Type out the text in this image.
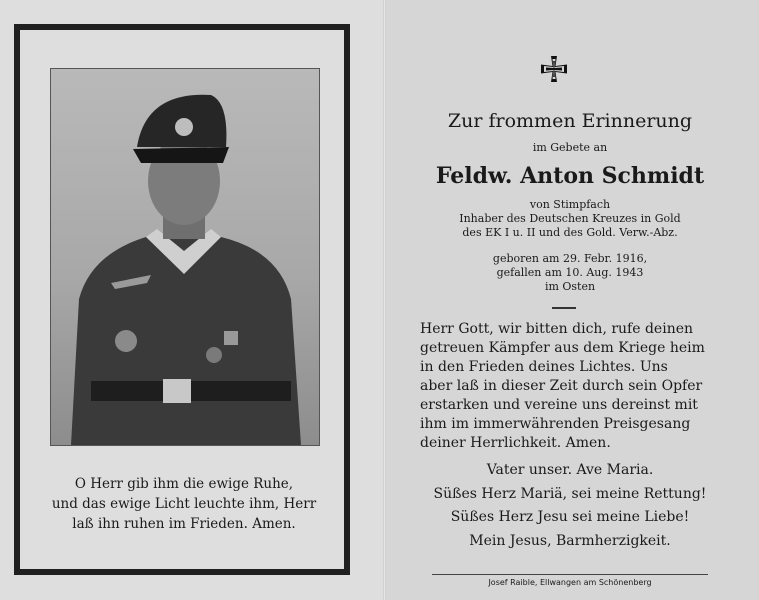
O Herr gib ihm die ewige Ruhe,
und das ewige Licht leuchte ihm, Herr
laß ihn ruhen im Frieden. Amen.
Zur frommen Erinnerung
im Gebete an
Feldw. Anton Schmidt
von Stimpfach
Inhaber des Deutschen Kreuzes in Gold
des EK I u. II und des Gold. Verw.-Abz.
geboren am 29. Febr. 1916,
gefallen am 10. Aug. 1943
im Osten
Herr Gott, wir bitten dich, rufe deinen
getreuen Kämpfer aus dem Kriege heim
in den Frieden deines Lichtes. Uns
aber laß in dieser Zeit durch sein Opfer
erstarken und vereine uns dereinst mit
ihm im immerwährenden Preisgesang
deiner Herrlichkeit. Amen.
Vater unser. Ave Maria.
Süßes Herz Mariä, sei meine Rettung!
Süßes Herz Jesu sei meine Liebe!
Mein Jesus, Barmherzigkeit.
Josef Raible, Ellwangen am Schönenberg
